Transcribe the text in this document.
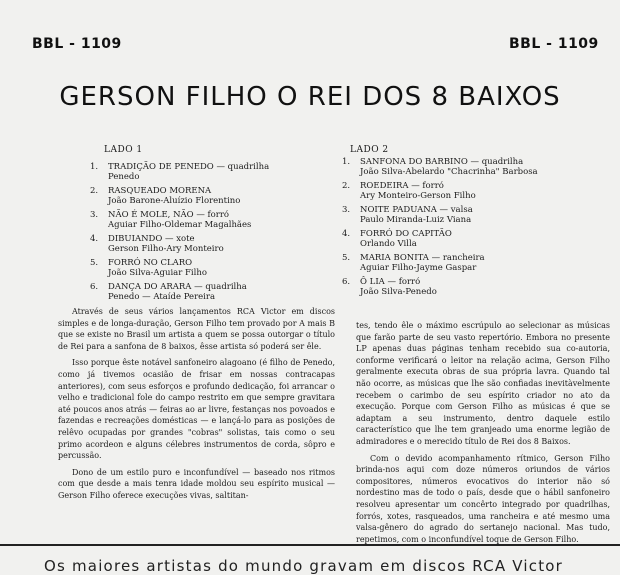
BBL - 1109	BBL - 1109
GERSON FILHO O REI DOS 8 BAIXOS
LADO 1
1. TRADIÇÃO DE PENEDO — quadrilha
Penedo
2. RASQUEADO MORENA
João Barone-Aluízio Florentino
3. NÃO É MOLE, NÃO — forró
Aguiar Filho-Oldemar Magalhães
4. DIBUIANDO — xote
Gerson Filho-Ary Monteiro
5. FORRÓ NO CLARO
João Silva-Aguiar Filho
6. DANÇA DO ARARA — quadrilha
Penedo — Ataíde Pereira
LADO 2
1. SANFONA DO BARBINO — quadrilha
João Silva-Abelardo "Chacrinha" Barbosa
2. ROEDEIRA — forró
Ary Monteiro-Gerson Filho
3. NOITE PADUANA — valsa
Paulo Miranda-Luiz Viana
4. FORRÓ DO CAPITÃO
Orlando Villa
5. MARIA BONITA — rancheira
Aguiar Filho-Jayme Gaspar
6. Ô LIA — forró
João Silva-Penedo

Através de seus vários lançamentos RCA Victor em discos simples e de longa-duração, Gerson Filho tem provado por A mais B que se existe no Brasil um artista a quem se possa outorgar o título de Rei para a sanfona de 8 baixos, êsse artista só poderá ser êle.

Isso porque êste notável sanfoneiro alagoano (é filho de Penedo, como já tivemos ocasião de frisar em nossas contracapas anteriores), com seus esforços e profundo dedicação, foi arrancar o velho e tradicional fole do campo restrito em que sempre gravitara até poucos anos atrás — feiras ao ar livre, festanças nos povoados e fazendas e recreações domésticas — e lançá-lo para as posições de relêvo ocupadas por grandes "cobras" solistas, tais como o seu primo acordeon e alguns célebres instrumentos de corda, sôpro e percussão.

Dono de um estilo puro e inconfundível — baseado nos ritmos com que desde a mais tenra idade moldou seu espírito musical — Gerson Filho oferece execuções vivas, saltitan-

tes, tendo êle o máximo escrúpulo ao selecionar as músicas que farão parte de seu vasto repertório. Embora no presente LP apenas duas páginas tenham recebido sua co-autoria, conforme verificará o leitor na relação acima, Gerson Filho geralmente executa obras de sua própria lavra. Quando tal não ocorre, as músicas que lhe são confiadas inevitàvelmente recebem o carimbo de seu espírito criador no ato da execução. Porque com Gerson Filho as músicas é que se adaptam a seu instrumento, dentro daquele estilo característico que lhe tem granjeado uma enorme legião de admiradores e o merecido título de Rei dos 8 Baixos.

Com o devido acompanhamento rítmico, Gerson Filho brinda-nos aqui com doze números oriundos de vários compositores, números evocativos do interior não só nordestino mas de todo o país, desde que o hábil sanfoneiro resolveu apresentar um concêrto integrado por quadrilhas, forrós, xotes, rasqueados, uma rancheira e até mesmo uma valsa-gênero do agrado do sertanejo nacional. Mas tudo, repetimos, com o inconfundível toque de Gerson Filho.

Os maiores artistas do mundo gravam em discos RCA Victor
